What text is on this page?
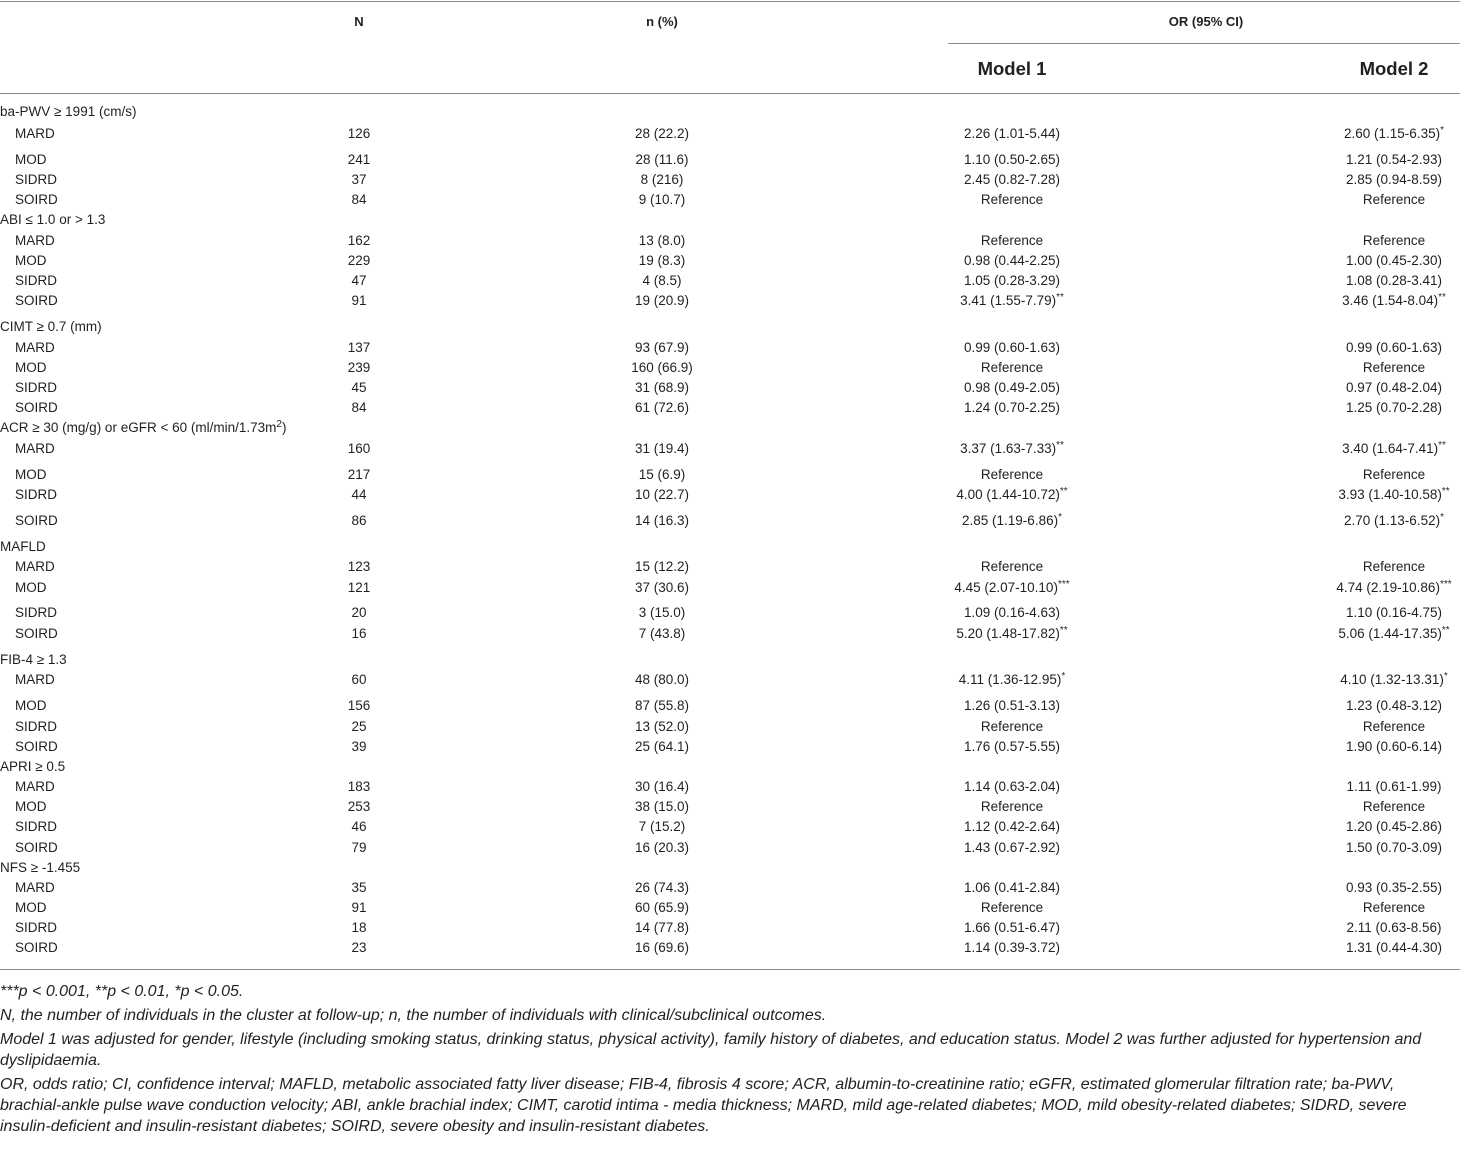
N	n (%)	OR (95% CI)
Model 1	Model 2
ba-PWV ≥ 1991 (cm/s)
MARD	126	28 (22.2)	2.26 (1.01-5.44)	2.60 (1.15-6.35)*
MOD	241	28 (11.6)	1.10 (0.50-2.65)	1.21 (0.54-2.93)
SIDRD	37	8 (216)	2.45 (0.82-7.28)	2.85 (0.94-8.59)
SOIRD	84	9 (10.7)	Reference	Reference
ABI ≤ 1.0 or > 1.3
MARD	162	13 (8.0)	Reference	Reference
MOD	229	19 (8.3)	0.98 (0.44-2.25)	1.00 (0.45-2.30)
SIDRD	47	4 (8.5)	1.05 (0.28-3.29)	1.08 (0.28-3.41)
SOIRD	91	19 (20.9)	3.41 (1.55-7.79)**	3.46 (1.54-8.04)**
CIMT ≥ 0.7 (mm)
MARD	137	93 (67.9)	0.99 (0.60-1.63)	0.99 (0.60-1.63)
MOD	239	160 (66.9)	Reference	Reference
SIDRD	45	31 (68.9)	0.98 (0.49-2.05)	0.97 (0.48-2.04)
SOIRD	84	61 (72.6)	1.24 (0.70-2.25)	1.25 (0.70-2.28)
ACR ≥ 30 (mg/g) or eGFR < 60 $(ml/\min/1.73m^2)$
MARD	160	31 (19.4)	3.37 (1.63-7.33)**	3.40 (1.64-7.41)**
MOD	217	15 (6.9)	Reference	Reference
SIDRD	44	10 (22.7)	4.00 (1.44-10.72)**	3.93 (1.40-10.58)**
SOIRD	86	14 (16.3)	2.85 (1.19-6.86)*	2.70 (1.13-6.52)*
MAFLD
MARD	123	15 (12.2)	Reference	Reference
MOD	121	37 (30.6)	4.45 (2.07-10.10)***	4.74 (2.19-10.86)***
SIDRD	20	3 (15.0)	1.09 (0.16-4.63)	1.10 (0.16-4.75)
SOIRD	16	7 (43.8)	5.20 (1.48-17.82)**	5.06 (1.44-17.35)**
FIB-4 ≥ 1.3
MARD	60	48 (80.0)	4.11 (1.36-12.95)*	4.10 (1.32-13.31)*
MOD	156	87 (55.8)	1.26 (0.51-3.13)	1.23 (0.48-3.12)
SIDRD	25	13 (52.0)	Reference	Reference
SOIRD	39	25 (64.1)	1.76 (0.57-5.55)	1.90 (0.60-6.14)
APRI ≥ 0.5
MARD	183	30 (16.4)	1.14 (0.63-2.04)	1.11 (0.61-1.99)
MOD	253	38 (15.0)	Reference	Reference
SIDRD	46	7 (15.2)	1.12 (0.42-2.64)	1.20 (0.45-2.86)
SOIRD	79	16 (20.3)	1.43 (0.67-2.92)	1.50 (0.70-3.09)
NFS ≥ -1.455
MARD	35	26 (74.3)	1.06 (0.41-2.84)	0.93 (0.35-2.55)
MOD	91	60 (65.9)	Reference	Reference
SIDRD	18	14 (77.8)	1.66 (0.51-6.47)	2.11 (0.63-8.56)
SOIRD	23	16 (69.6)	1.14 (0.39-3.72)	1.31 (0.44-4.30)

***p < 0.001, **p < 0.01, *p < 0.05.

N, the number of individuals in the cluster at follow-up; n, the number of individuals with clinical/subclinical outcomes.

Model 1 was adjusted for gender, lifestyle (including smoking status, drinking status, physical activity), family history of diabetes, and education status. Model 2 was further adjusted for hypertension and dyslipidaemia.

OR, odds ratio; CI, confidence interval; MAFLD, metabolic associated fatty liver disease; FIB-4, fibrosis 4 score; ACR, albumin-to-creatinine ratio; eGFR, estimated glomerular filtration rate; ba-PWV, brachial-ankle pulse wave conduction velocity; ABI, ankle brachial index; CIMT, carotid intima - media thickness; MARD, mild age-related diabetes; MOD, mild obesity-related diabetes; SIDRD, severe insulin-deficient and insulin-resistant diabetes; SOIRD, severe obesity and insulin-resistant diabetes.
